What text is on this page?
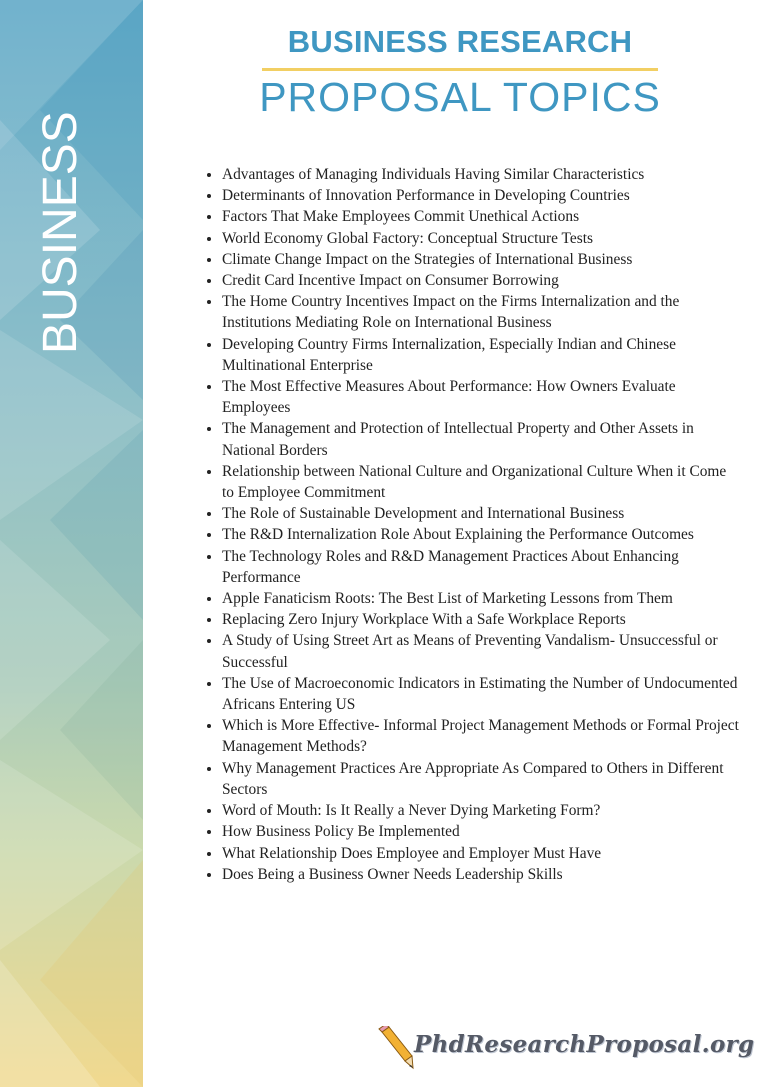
BUSINESS
BUSINESS RESEARCH
PROPOSAL TOPICS
• Advantages of Managing Individuals Having Similar Characteristics
• Determinants of Innovation Performance in Developing Countries
• Factors That Make Employees Commit Unethical Actions
• World Economy Global Factory: Conceptual Structure Tests
• Climate Change Impact on the Strategies of International Business
• Credit Card Incentive Impact on Consumer Borrowing
• The Home Country Incentives Impact on the Firms Internalization and the Institutions Mediating Role on International Business
• Developing Country Firms Internalization, Especially Indian and Chinese Multinational Enterprise
• The Most Effective Measures About Performance: How Owners Evaluate Employees
• The Management and Protection of Intellectual Property and Other Assets in National Borders
• Relationship between National Culture and Organizational Culture When it Come to Employee Commitment
• The Role of Sustainable Development and International Business
• The R&D Internalization Role About Explaining the Performance Outcomes
• The Technology Roles and R&D Management Practices About Enhancing Performance
• Apple Fanaticism Roots: The Best List of Marketing Lessons from Them
• Replacing Zero Injury Workplace With a Safe Workplace Reports
• A Study of Using Street Art as Means of Preventing Vandalism- Unsuccessful or Successful
• The Use of Macroeconomic Indicators in Estimating the Number of Undocumented Africans Entering US
• Which is More Effective- Informal Project Management Methods or Formal Project Management Methods?
• Why Management Practices Are Appropriate As Compared to Others in Different Sectors
• Word of Mouth: Is It Really a Never Dying Marketing Form?
• How Business Policy Be Implemented
• What Relationship Does Employee and Employer Must Have
• Does Being a Business Owner Needs Leadership Skills
PhdResearchProposal.org
